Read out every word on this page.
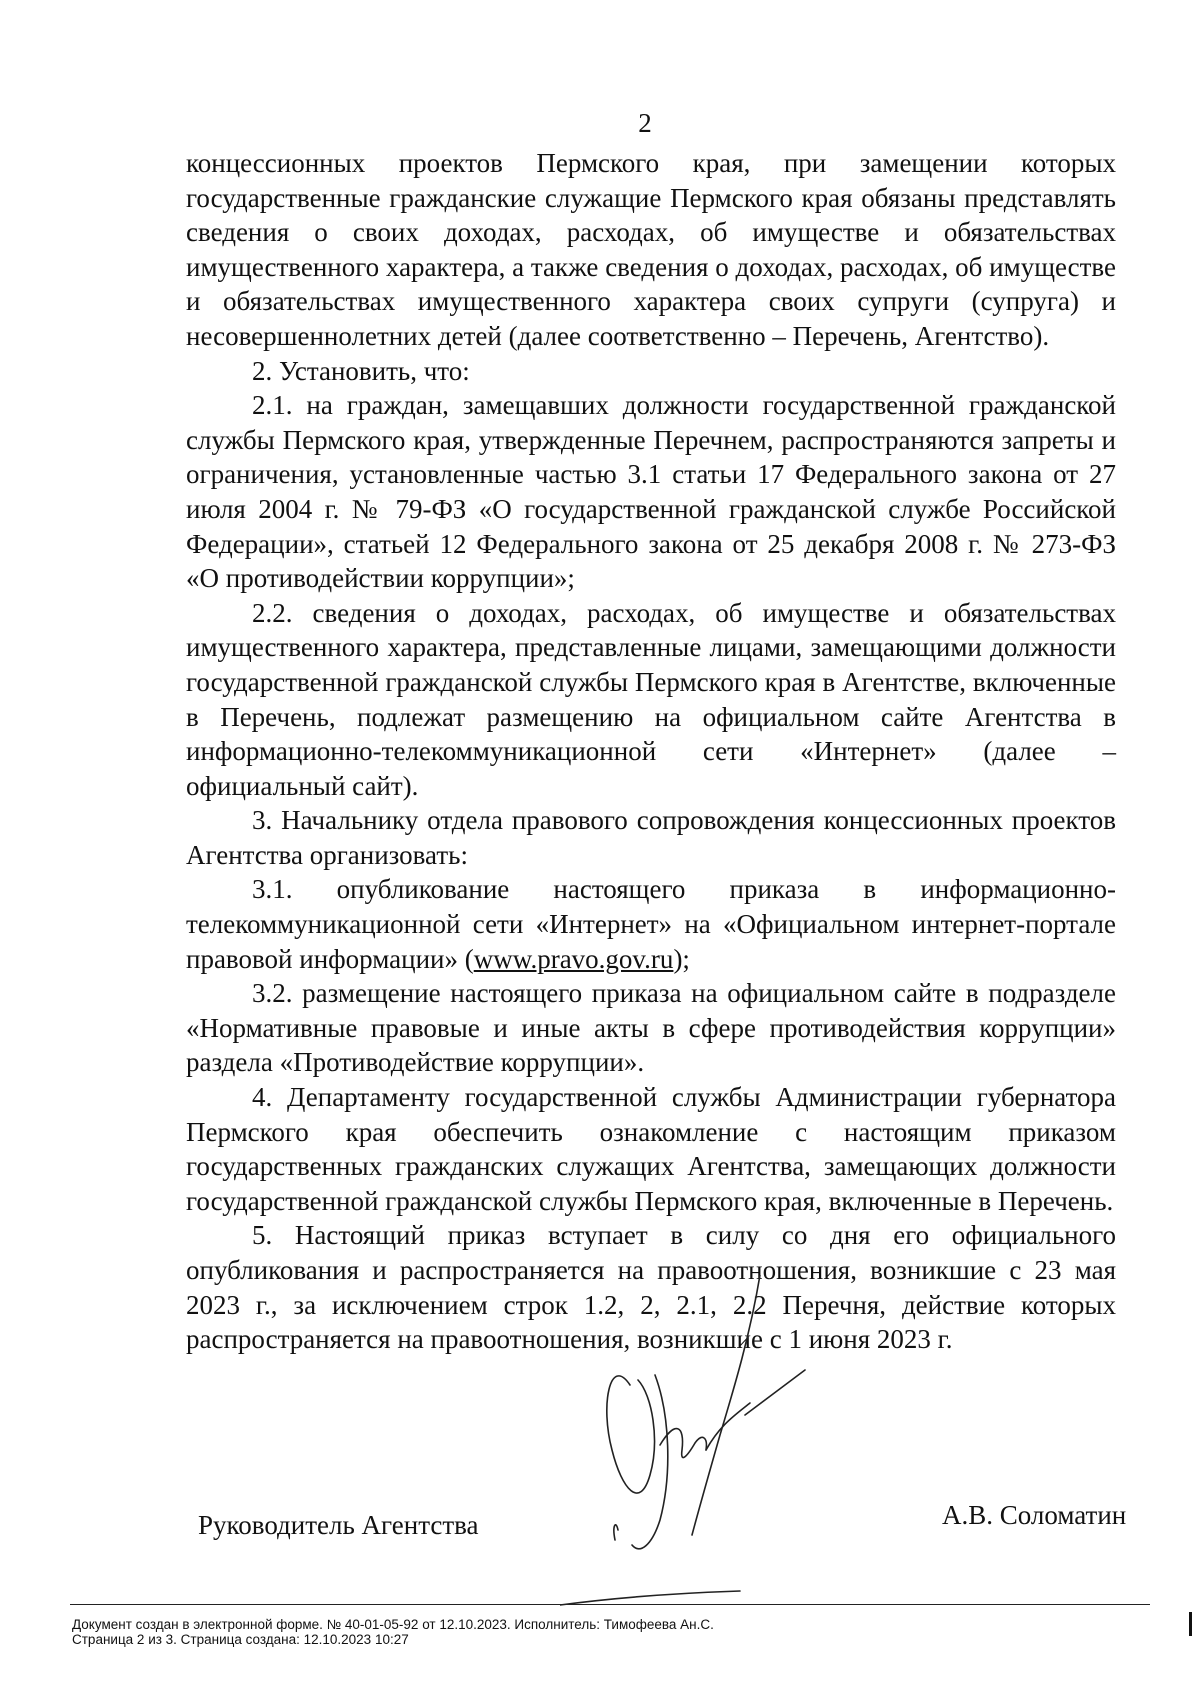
2

концессионных проектов Пермского края, при замещении которых государственные гражданские служащие Пермского края обязаны представлять сведения о своих доходах, расходах, об имуществе и обязательствах имущественного характера, а также сведения о доходах, расходах, об имуществе и обязательствах имущественного характера своих супруги (супруга) и несовершеннолетних детей (далее соответственно – Перечень, Агентство).

2. Установить, что:

2.1. на граждан, замещавших должности государственной гражданской службы Пермского края, утвержденные Перечнем, распространяются запреты и ограничения, установленные частью 3.1 статьи 17 Федерального закона от 27 июля 2004 г. № 79-ФЗ «О государственной гражданской службе Российской Федерации», статьей 12 Федерального закона от 25 декабря 2008 г. № 273-ФЗ «О противодействии коррупции»;

2.2. сведения о доходах, расходах, об имуществе и обязательствах имущественного характера, представленные лицами, замещающими должности государственной гражданской службы Пермского края в Агентстве, включенные в Перечень, подлежат размещению на официальном сайте Агентства в информационно-телекоммуникационной сети «Интернет» (далее – официальный сайт).

3. Начальнику отдела правового сопровождения концессионных проектов Агентства организовать:

3.1. опубликование настоящего приказа в информационно-телекоммуникационной сети «Интернет» на «Официальном интернет-портале правовой информации» (www.pravo.gov.ru);

3.2. размещение настоящего приказа на официальном сайте в подразделе «Нормативные правовые и иные акты в сфере противодействия коррупции» раздела «Противодействие коррупции».

4. Департаменту государственной службы Администрации губернатора Пермского края обеспечить ознакомление с настоящим приказом государственных гражданских служащих Агентства, замещающих должности государственной гражданской службы Пермского края, включенные в Перечень.

5. Настоящий приказ вступает в силу со дня его официального опубликования и распространяется на правоотношения, возникшие с 23 мая 2023 г., за исключением строк 1.2, 2, 2.1, 2.2 Перечня, действие которых распространяется на правоотношения, возникшие с 1 июня 2023 г.

Руководитель Агентства	А.В. Соломатин
Документ создан в электронной форме. № 40-01-05-92 от 12.10.2023. Исполнитель: Тимофеева Ан.С.
Страница 2 из 3. Страница создана: 12.10.2023 10:27
